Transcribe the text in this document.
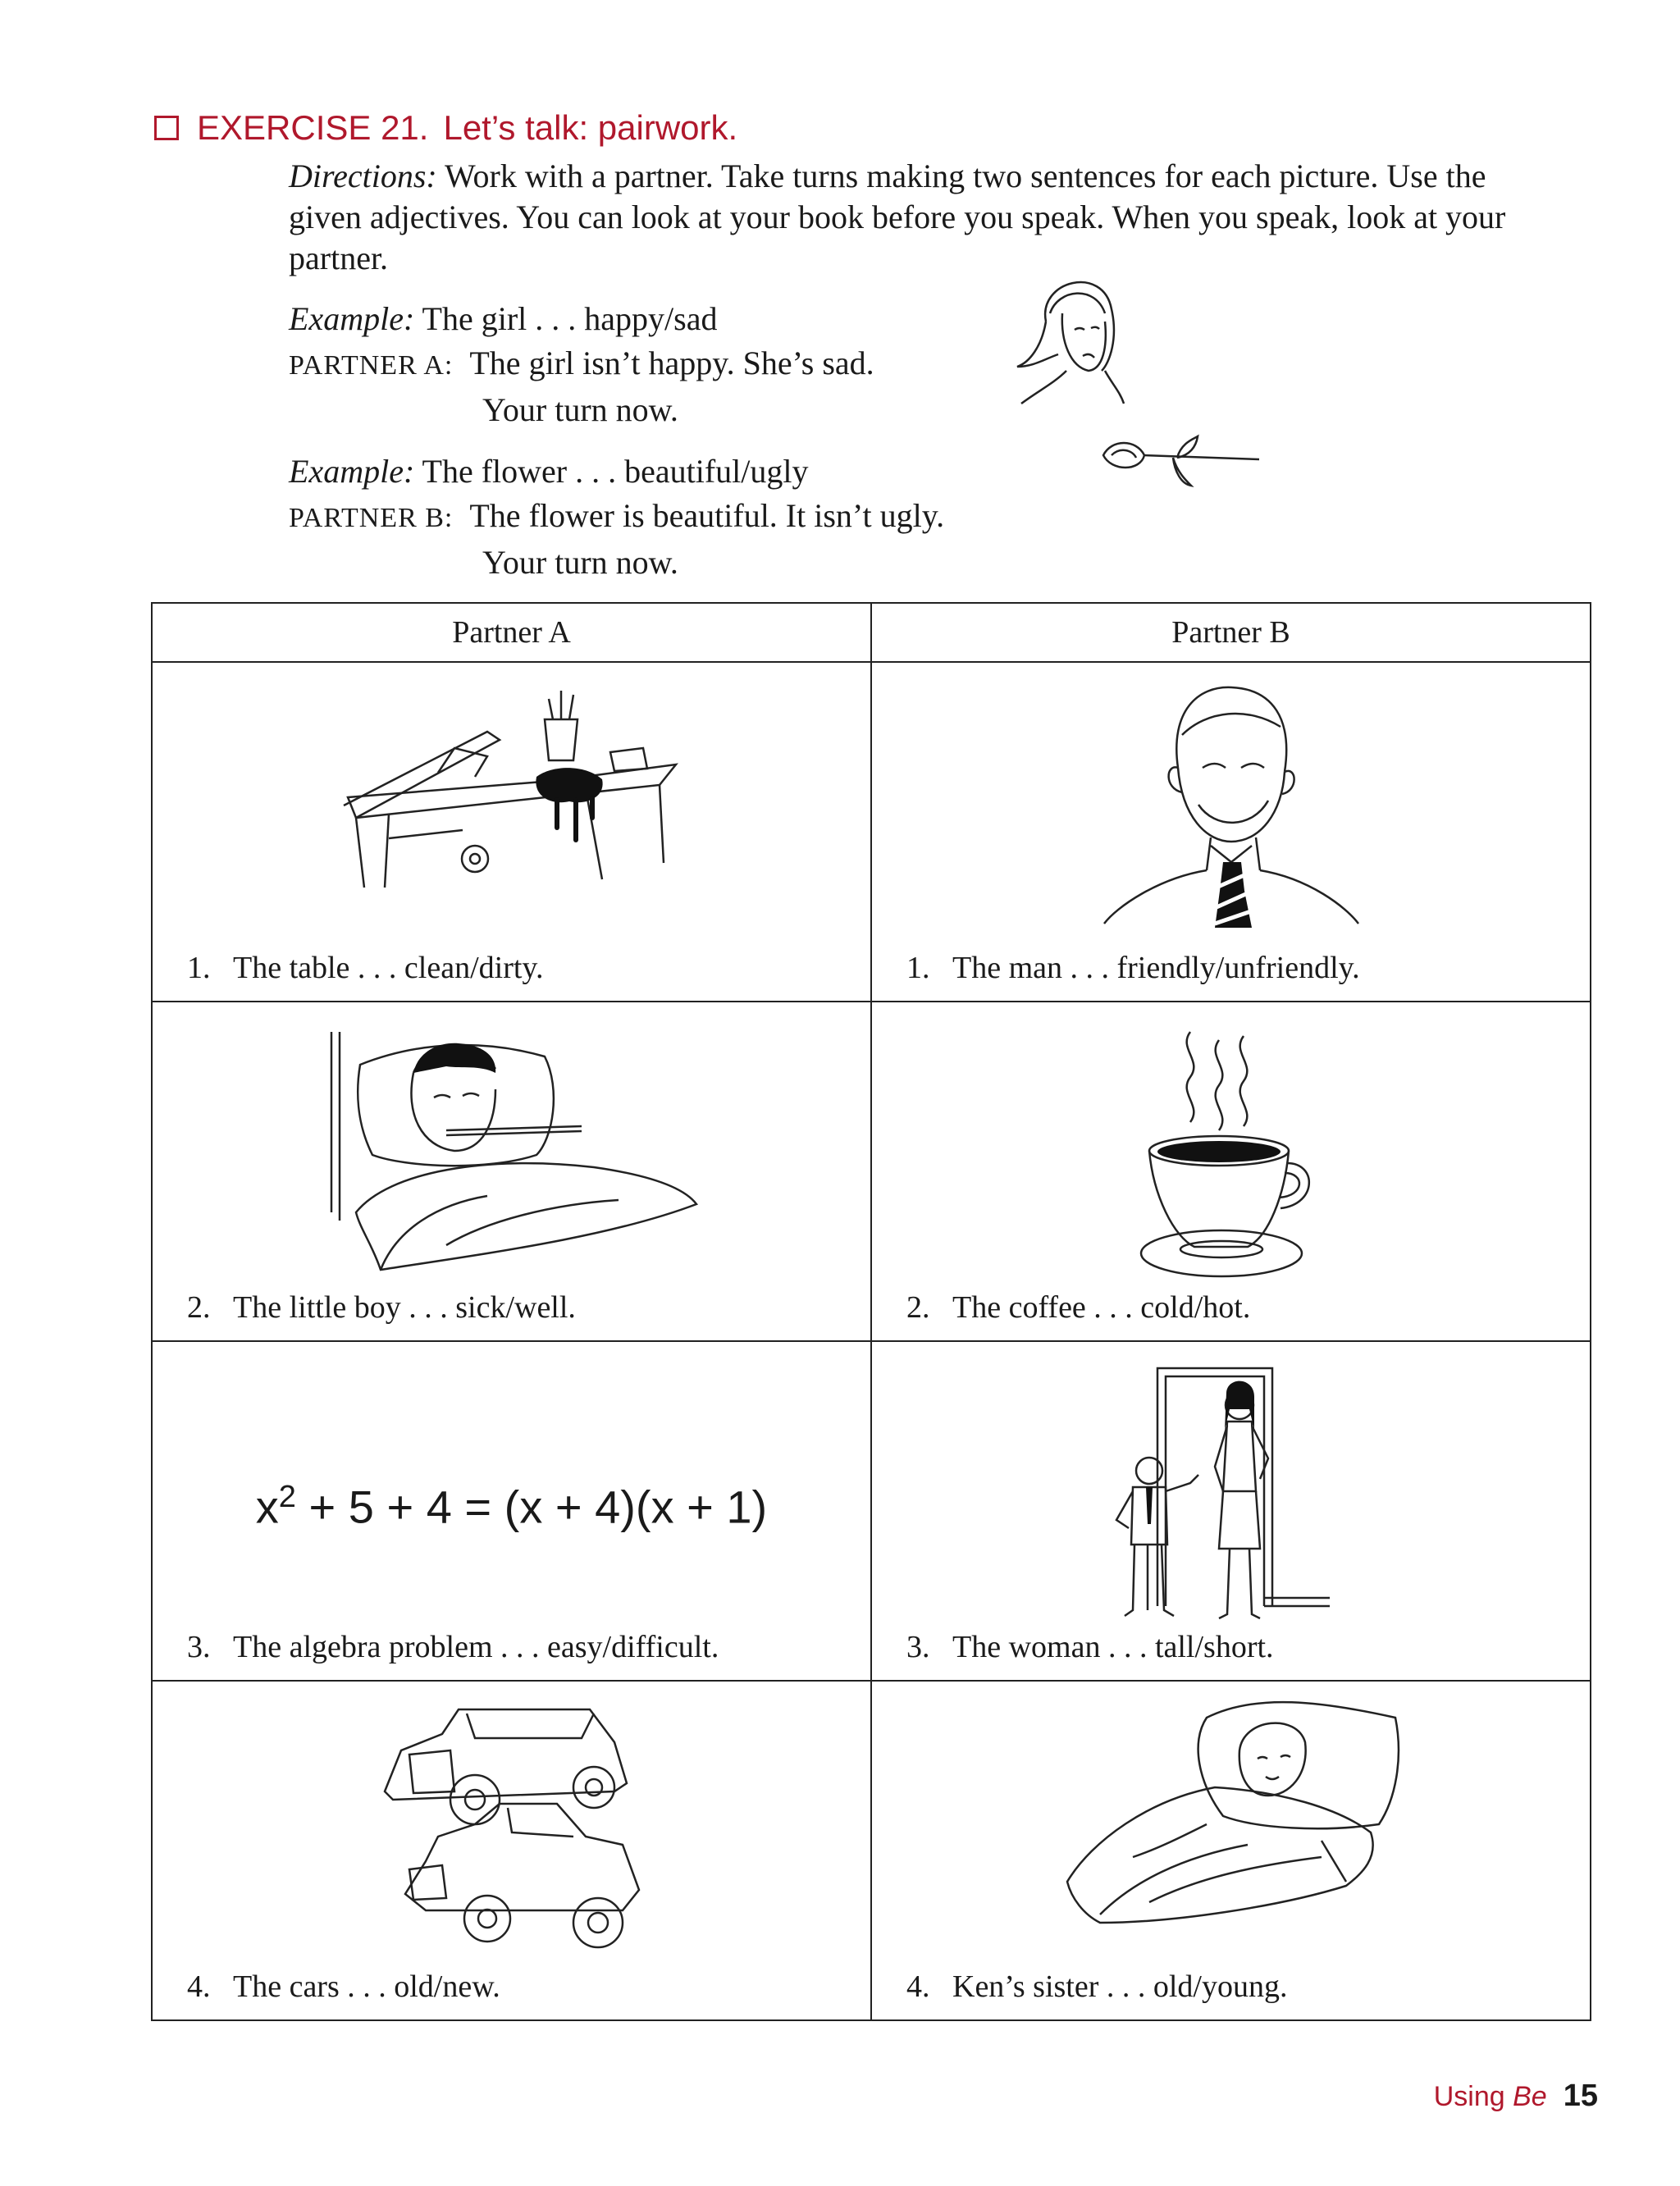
EXERCISE 21. Let’s talk: pairwork.
Directions: Work with a partner. Take turns making two sentences for each picture. Use the given adjectives. You can look at your book before you speak. When you speak, look at your partner.
Example: The girl . . . happy/sad
PARTNER A: The girl isn’t happy. She’s sad.
Your turn now.
Example: The flower . . . beautiful/ugly
PARTNER B: The flower is beautiful. It isn’t ugly.
Your turn now.
Partner A	Partner B
1. The table . . . clean/dirty.	1. The man . . . friendly/unfriendly.
2. The little boy . . . sick/well.	2. The coffee . . . cold/hot.
$x^2 + 5 + 4 = (x + 4)(x + 1)$
3. The algebra problem . . . easy/difficult.	3. The woman . . . tall/short.
4. The cars . . . old/new.	4. Ken’s sister . . . old/young.
Using Be 15
